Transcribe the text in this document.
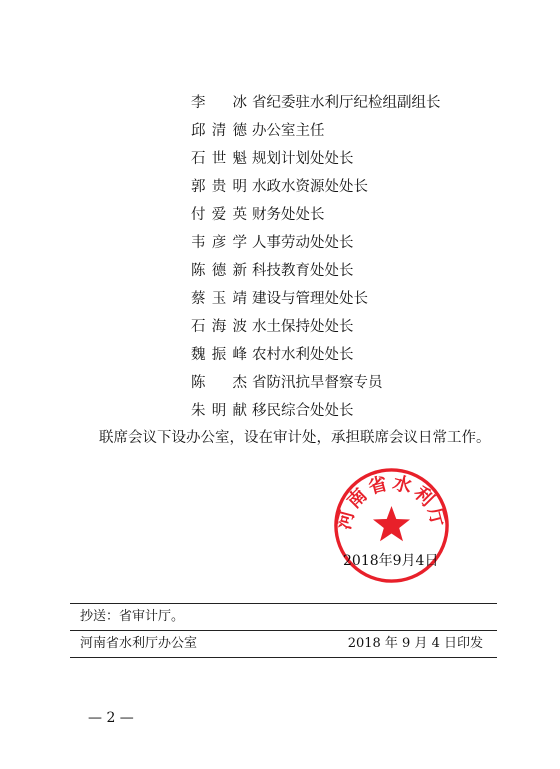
李　冰 省纪委驻水利厅纪检组副组长
邱清德 办公室主任
石世魁 规划计划处处长
郭贵明 水政水资源处处长
付爱英 财务处处长
韦彦学 人事劳动处处长
陈德新 科技教育处处长
蔡玉靖 建设与管理处处长
石海波 水土保持处处长
魏振峰 农村水利处处长
陈　杰 省防汛抗旱督察专员
朱明献 移民综合处处长
联席会议下设办公室，设在审计处，承担联席会议日常工作。
河南省水利厅
2018年9月4日
抄送：省审计厅。
河南省水利厅办公室	2018 年 9 月 4 日印发
— 2 —
